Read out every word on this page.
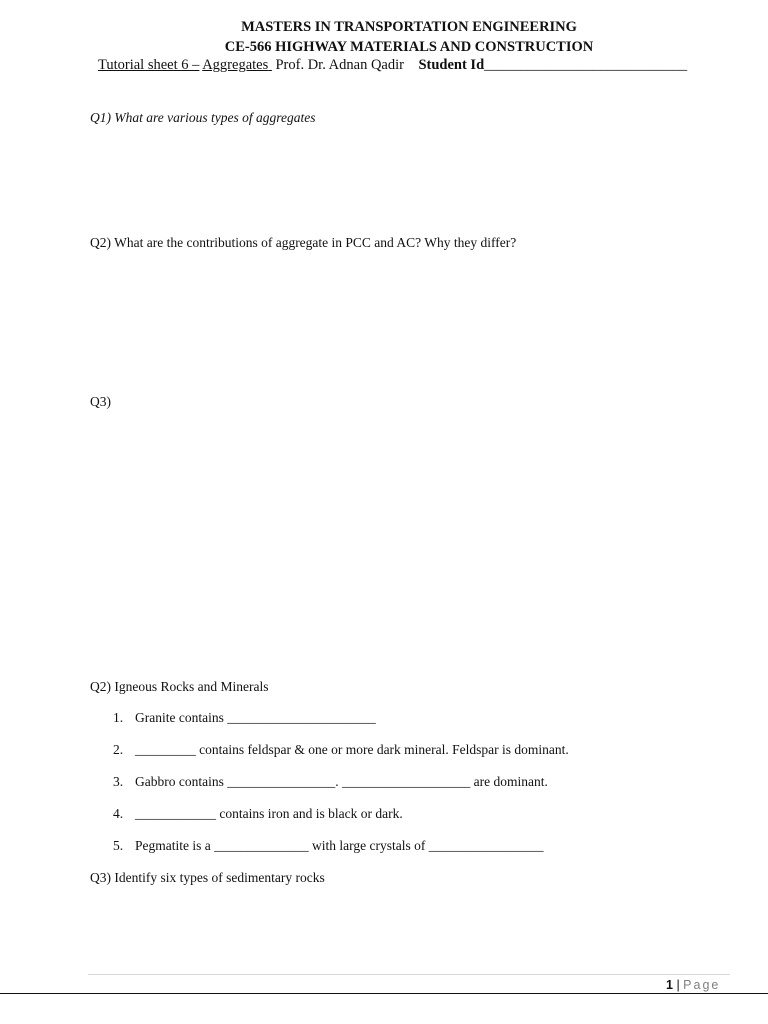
MASTERS IN TRANSPORTATION ENGINEERING
CE-566 HIGHWAY MATERIALS AND CONSTRUCTION
Tutorial sheet 6 – Aggregates Prof. Dr. Adnan Qadir Student Id____________________________
Q1) What are various types of aggregates
Q2) What are the contributions of aggregate in PCC and AC? Why they differ?
Q3)
Q2) Igneous Rocks and Minerals
1. Granite contains ______________________
2. _________ contains feldspar & one or more dark mineral. Feldspar is dominant.
3. Gabbro contains ________________. ___________________ are dominant.
4. ____________ contains iron and is black or dark.
5. Pegmatite is a ______________ with large crystals of _________________
Q3) Identify six types of sedimentary rocks
1 | Page
